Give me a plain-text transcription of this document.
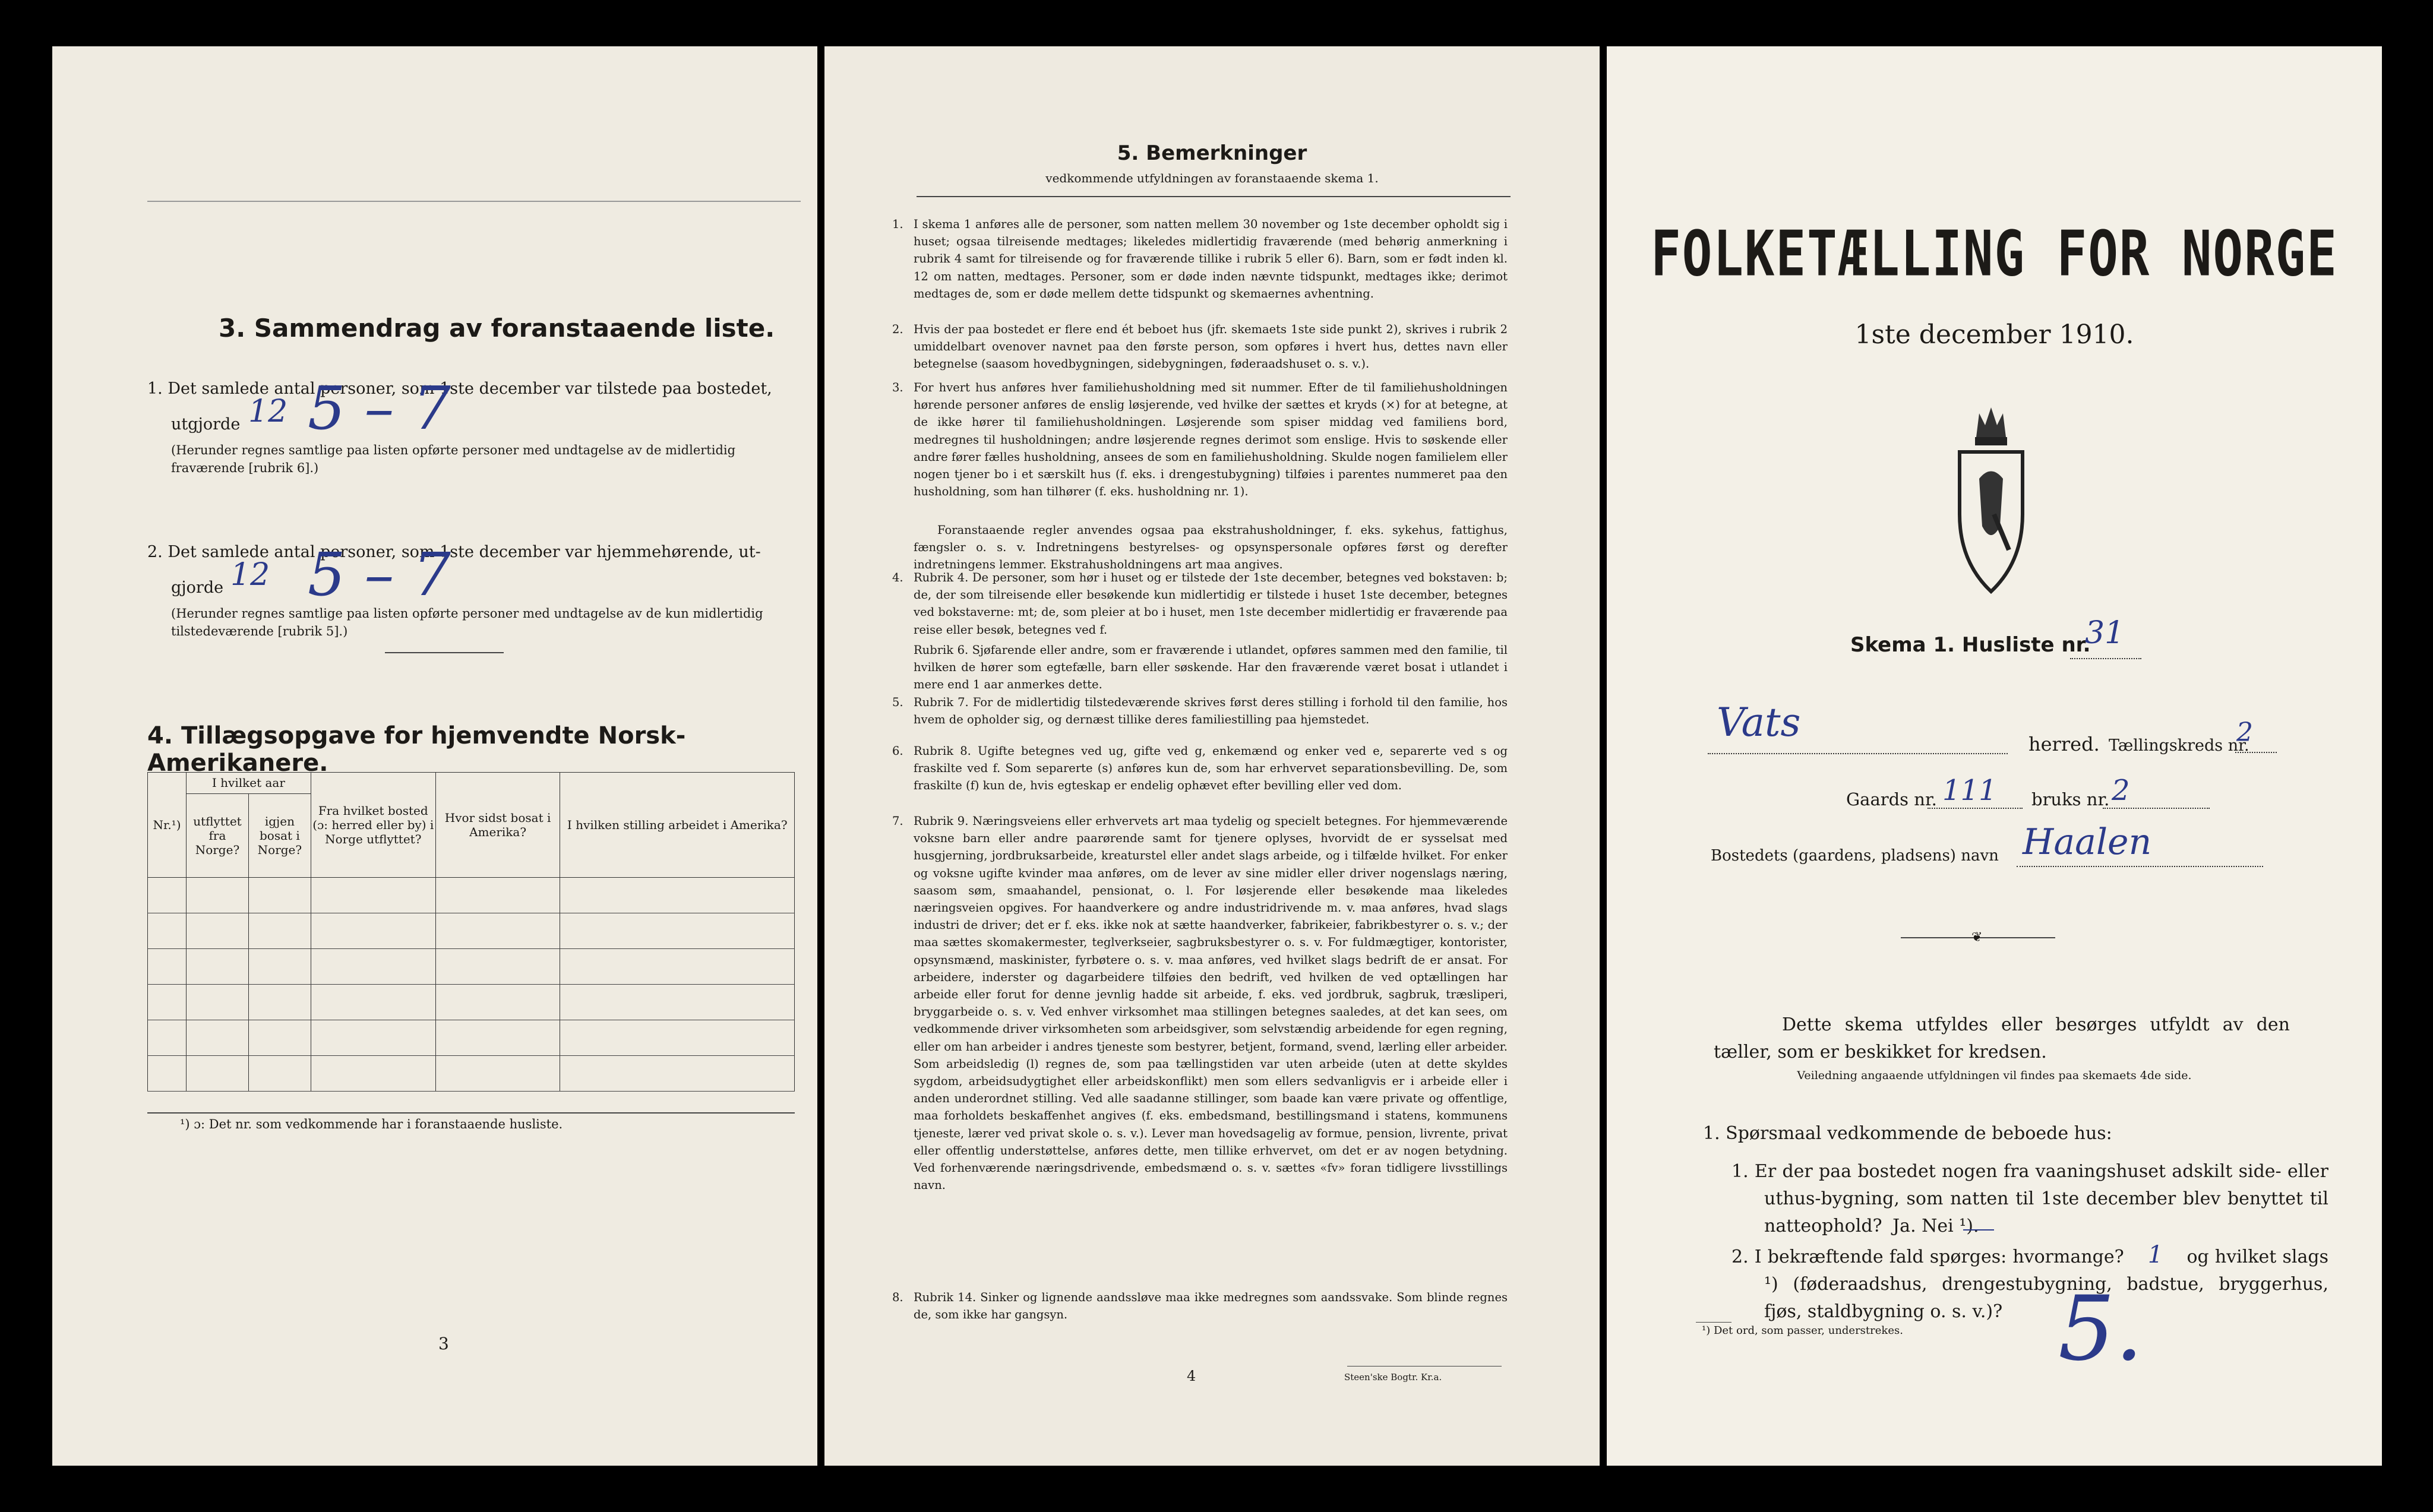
3. Sammendrag av foranstaaende liste.
1. Det samlede antal personer, som 1ste december var tilstede paa bostedet,
utgjorde 12 5 – 7
(Herunder regnes samtlige paa listen opførte personer med undtagelse av de midlertidig fraværende [rubrik 6].)
2. Det samlede antal personer, som 1ste december var hjemmehørende, ut-
gjorde 12 5 – 7
(Herunder regnes samtlige paa listen opførte personer med undtagelse av de kun midlertidig tilstedeværende [rubrik 5].)
4. Tillægsopgave for hjemvendte Norsk-Amerikanere.
Nr.¹)	I hvilket aar		Fra hvilket bosted (ɔ: herred eller by) i Norge utflyttet?	Hvor sidst bosat i Amerika?	I hvilken stilling arbeidet i Amerika?
	utflyttet fra Norge?	igjen bosat i Norge?			

¹) ɔ: Det nr. som vedkommende har i foranstaaende husliste.
3
5. Bemerkninger
vedkommende utfyldningen av foranstaaende skema 1.
1. I skema 1 anføres alle de personer, som natten mellem 30 november og 1ste december opholdt sig i huset; ogsaa tilreisende medtages; likeledes midlertidig fraværende (med behørig anmerkning i rubrik 4 samt for tilreisende og for fraværende tillike i rubrik 5 eller 6). Barn, som er født inden kl. 12 om natten, medtages. Personer, som er døde inden nævnte tidspunkt, medtages ikke; derimot medtages de, som er døde mellem dette tidspunkt og skemaernes avhentning.
2. Hvis der paa bostedet er flere end ét beboet hus (jfr. skemaets 1ste side punkt 2), skrives i rubrik 2 umiddelbart ovenover navnet paa den første person, som opføres i hvert hus, dettes navn eller betegnelse (saasom hovedbygningen, sidebygningen, føderaadshuset o. s. v.).
3. For hvert hus anføres hver familiehusholdning med sit nummer. Efter de til familiehusholdningen hørende personer anføres de enslig løsjerende, ved hvilke der sættes et kryds (×) for at betegne, at de ikke hører til familiehusholdningen. Løsjerende som spiser middag ved familiens bord, medregnes til husholdningen; andre løsjerende regnes derimot som enslige. Hvis to søskende eller andre fører fælles husholdning, ansees de som en familiehusholdning. Skulde nogen familielem eller nogen tjener bo i et særskilt hus (f. eks. i drengestubygning) tilføies i parentes nummeret paa den husholdning, som han tilhører (f. eks. husholdning nr. 1).
Foranstaaende regler anvendes ogsaa paa ekstrahusholdninger, f. eks. sykehus, fattighus, fængsler o. s. v. Indretningens bestyrelses- og opsynspersonale opføres først og derefter indretningens lemmer. Ekstrahusholdningens art maa angives.
4. Rubrik 4. De personer, som hør i huset og er tilstede der 1ste december, betegnes ved bokstaven: b; de, der som tilreisende eller besøkende kun midlertidig er tilstede i huset 1ste december, betegnes ved bokstaverne: mt; de, som pleier at bo i huset, men 1ste december midlertidig er fraværende paa reise eller besøk, betegnes ved f.
Rubrik 6. Sjøfarende eller andre, som er fraværende i utlandet, opføres sammen med den familie, til hvilken de hører som egtefælle, barn eller søskende. Har den fraværende været bosat i utlandet i mere end 1 aar anmerkes dette.
5. Rubrik 7. For de midlertidig tilstedeværende skrives først deres stilling i forhold til den familie, hos hvem de opholder sig, og dernæst tillike deres familiestilling paa hjemstedet.
6. Rubrik 8. Ugifte betegnes ved ug, gifte ved g, enkemænd og enker ved e, separerte ved s og fraskilte ved f. Som separerte (s) anføres kun de, som har erhvervet separationsbevilling. De, som fraskilte (f) kun de, hvis egteskap er endelig ophævet efter bevilling eller ved dom.
7. Rubrik 9. Næringsveiens eller erhvervets art maa tydelig og specielt betegnes. For hjemmeværende voksne barn eller andre paarørende samt for tjenere oplyses, hvorvidt de er sysselsat med husgjerning, jordbruksarbeide, kreaturstel eller andet slags arbeide, og i tilfælde hvilket. For enker og voksne ugifte kvinder maa anføres, om de lever av sine midler eller driver nogenslags næring, saasom søm, smaahandel, pensionat, o. l. For løsjerende eller besøkende maa likeledes næringsveien opgives. For haandverkere og andre industridrivende m. v. maa anføres, hvad slags industri de driver; det er f. eks. ikke nok at sætte haandverker, fabrikeier, fabrikbestyrer o. s. v.; der maa sættes skomakermester, teglverkseier, sagbruksbestyrer o. s. v. For fuldmægtiger, kontorister, opsynsmænd, maskinister, fyrbøtere o. s. v. maa anføres, ved hvilket slags bedrift de er ansat. For arbeidere, inderster og dagarbeidere tilføies den bedrift, ved hvilken de ved optællingen har arbeide eller forut for denne jevnlig hadde sit arbeide, f. eks. ved jordbruk, sagbruk, træsliperi, bryggarbeide o. s. v. Ved enhver virksomhet maa stillingen betegnes saaledes, at det kan sees, om vedkommende driver virksomheten som arbeidsgiver, som selvstændig arbeidende for egen regning, eller om han arbeider i andres tjeneste som bestyrer, betjent, formand, svend, lærling eller arbeider. Som arbeidsledig (l) regnes de, som paa tællingstiden var uten arbeide (uten at dette skyldes sygdom, arbeidsudygtighet eller arbeidskonflikt) men som ellers sedvanligvis er i arbeide eller i anden underordnet stilling. Ved alle saadanne stillinger, som baade kan være private og offentlige, maa forholdets beskaffenhet angives (f. eks. embedsmand, bestillingsmand i statens, kommunens tjeneste, lærer ved privat skole o. s. v.). Lever man hovedsagelig av formue, pension, livrente, privat eller offentlig understøttelse, anføres dette, men tillike erhvervet, om det er av nogen betydning. Ved forhenværende næringsdrivende, embedsmænd o. s. v. sættes «fv» foran tidligere livsstillings navn.
8. Rubrik 14. Sinker og lignende aandssløve maa ikke medregnes som aandssvake. Som blinde regnes de, som ikke har gangsyn.
4	Steen'ske Bogtr. Kr.a.
FOLKETÆLLING FOR NORGE
1ste december 1910.
Skema 1. Husliste nr.
31
Vats	herred. Tællingskreds nr.
2
Gaards nr. 111 bruks nr. 2
Bostedets (gaardens, pladsens) navn Haalen
❦
Dette skema utfyldes eller besørges utfyldt av den tæller, som er beskikket for kredsen.
Veiledning angaaende utfyldningen vil findes paa skemaets 4de side.
1. Spørsmaal vedkommende de beboede hus:
1. Er der paa bostedet nogen fra vaaningshuset adskilt side- eller uthus-bygning, som natten til 1ste december blev benyttet til natteophold? Ja. Nei ¹).
2. I bekræftende fald spørges: hvormange? 1 og hvilket slags ¹) (føderaadshus, drengestubygning, badstue, bryggerhus, fjøs, staldbygning o. s. v.)?
¹) Det ord, som passer, understrekes. 5.
